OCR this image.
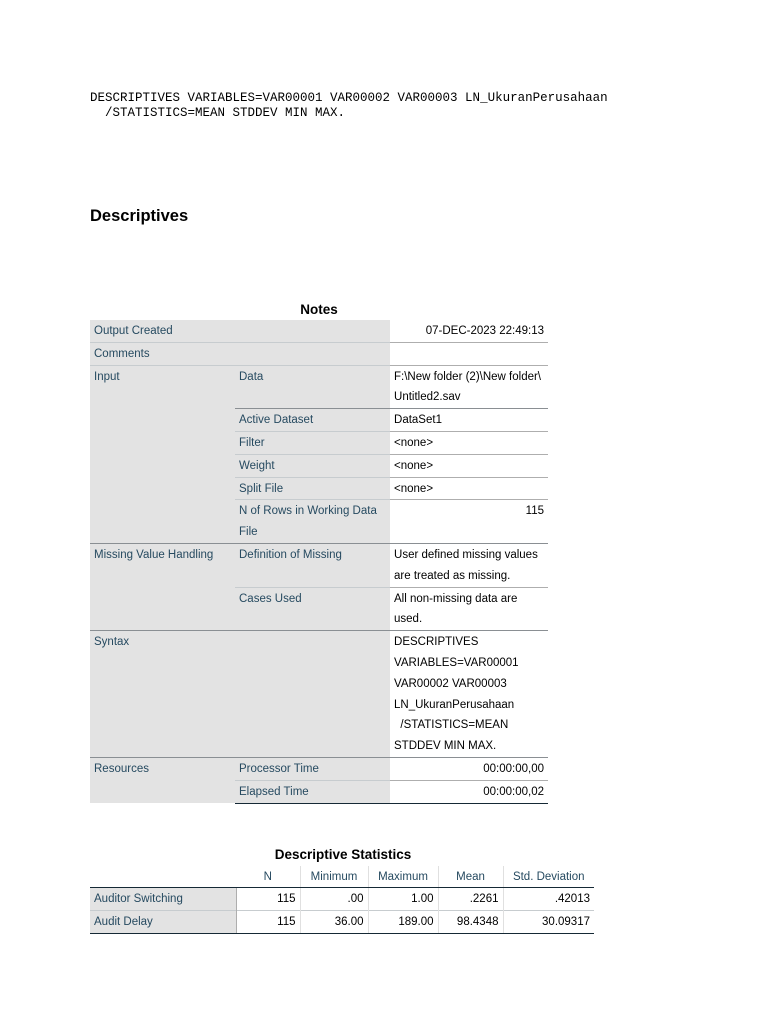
DESCRIPTIVES VARIABLES=VAR00001 VAR00002 VAR00003 LN_UkuranPerusahaan
/STATISTICS=MEAN STDDEV MIN MAX.
Descriptives
Notes
Output Created		07-DEC-2023 22:49:13
Comments		
Input	Data	F:\New folder (2)\New folder\ Untitled2.sav
	Active Dataset	DataSet1
	Filter	<none>
	Weight	<none>
	Split File	<none>
	N of Rows in Working Data File	115
Missing Value Handling	Definition of Missing	User defined missing values are treated as missing.
	Cases Used	All non-missing data are used.
Syntax		DESCRIPTIVES VARIABLES=VAR00001 VAR00002 VAR00003 LN_UkuranPerusahaan
/STATISTICS=MEAN STDDEV MIN MAX.
Resources	Processor Time	00:00:00,00
	Elapsed Time	00:00:00,02
Descriptive Statistics
	N	Minimum	Maximum	Mean	Std. Deviation
Auditor Switching	115	.00	1.00	.2261	.42013
Audit Delay	115	36.00	189.00	98.4348	30.09317
